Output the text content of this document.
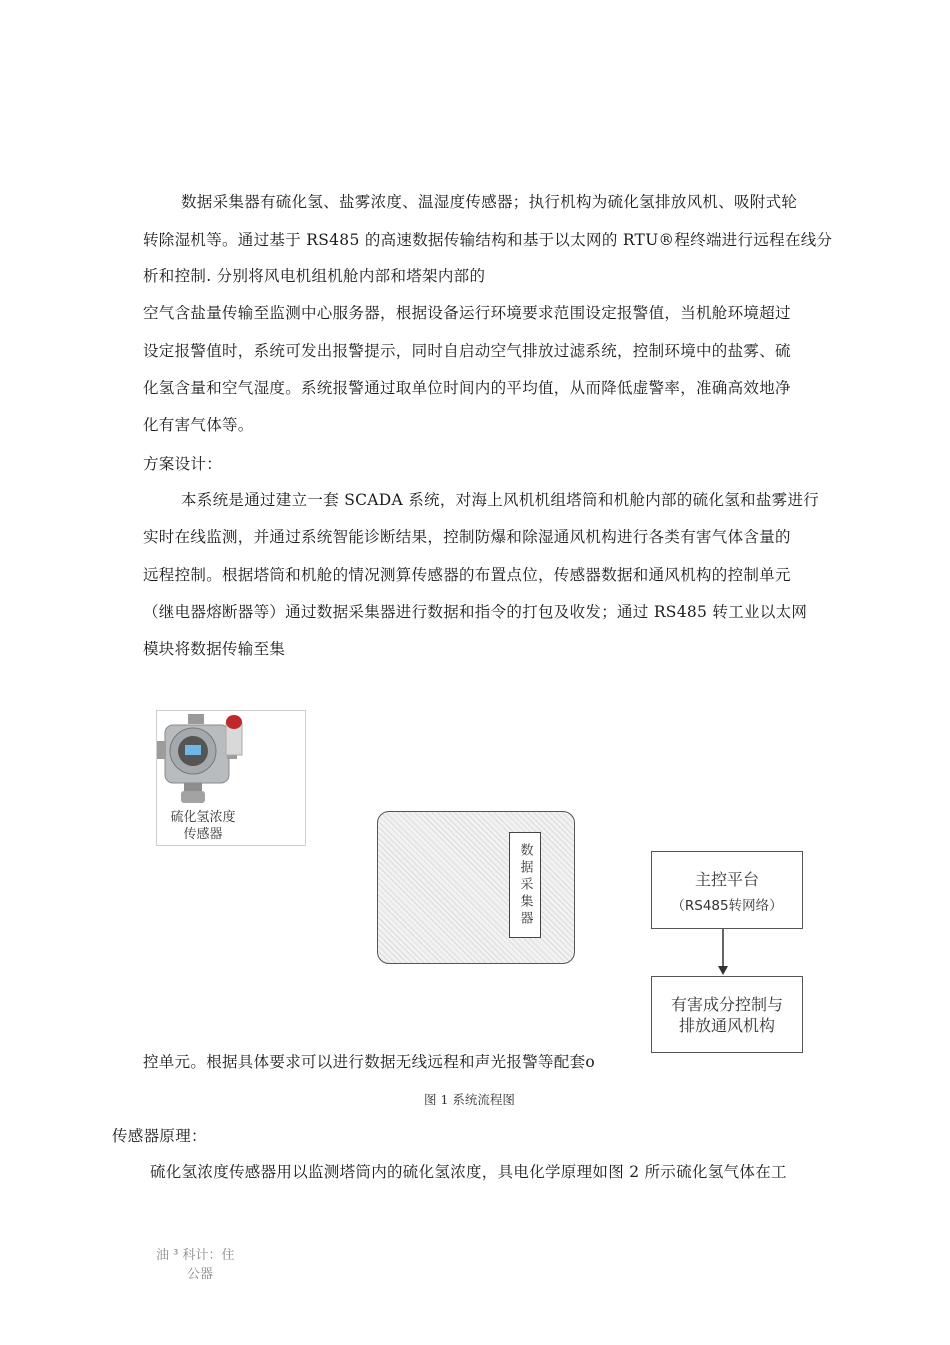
数据采集器有硫化氢、盐雾浓度、温湿度传感器；执行机构为硫化氢排放风机、吸附式轮
转除湿机等。通过基于 RS485 的高速数据传输结构和基于以太网的 RTU®程终端进行远程在线分
析和控制. 分别将风电机组机舱内部和塔架内部的
空气含盐量传输至监测中心服务器，根据设备运行环境要求范围设定报警值，当机舱环境超过
设定报警值时，系统可发出报警提示，同时自启动空气排放过滤系统，控制环境中的盐雾、硫
化氢含量和空气湿度。系统报警通过取单位时间内的平均值，从而降低虚警率，准确高效地净
化有害气体等。
方案设计：
本系统是通过建立一套 SCADA 系统，对海上风机机组塔筒和机舱内部的硫化氢和盐雾进行
实时在线监测，并通过系统智能诊断结果，控制防爆和除湿通风机构进行各类有害气体含量的
远程控制。根据塔筒和机舱的情况测算传感器的布置点位，传感器数据和通风机构的控制单元
（继电器熔断器等）通过数据采集器进行数据和指令的打包及收发；通过 RS485 转工业以太网
模块将数据传输至集
硫化氢浓度
传感器
数据采集器	主控平台
（RS485转网络）
有害成分控制与
排放通风机构
控单元。根据具体要求可以进行数据无线远程和声光报警等配套o
图 1 系统流程图
传感器原理：
硫化氢浓度传感器用以监测塔筒内的硫化氢浓度，具电化学原理如图 2 所示硫化氢气体在工
油 ³ 科计：住
公器
